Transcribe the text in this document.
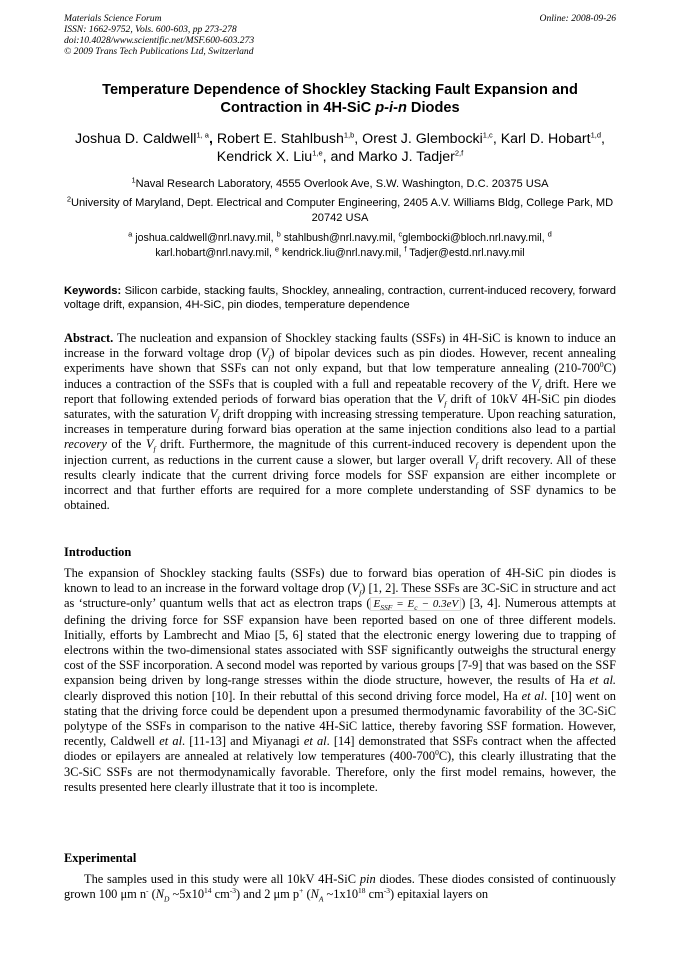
Materials Science Forum
ISSN: 1662-9752, Vols. 600-603, pp 273-278
doi:10.4028/www.scientific.net/MSF.600-603.273
© 2009 Trans Tech Publications Ltd, Switzerland
Online: 2008-09-26
Temperature Dependence of Shockley Stacking Fault Expansion and
Contraction in 4H-SiC p-i-n Diodes
Joshua D. Caldwell$^{1, a}$, Robert E. Stahlbush$^{1,b}$, Orest J. Glembocki$^{1,c}$, Karl D. Hobart$^{1,d}$, Kendrick X. Liu$^{1,e}$, and Marko J. Tadjer$^{2,f}$
$^1$Naval Research Laboratory, 4555 Overlook Ave, S.W. Washington, D.C. 20375 USA
$^2$University of Maryland, Dept. Electrical and Computer Engineering, 2405 A.V. Williams Bldg, College Park, MD 20742 USA
$^a$ joshua.caldwell@nrl.navy.mil, $^b$ stahlbush@nrl.navy.mil, $^c$glembocki@bloch.nrl.navy.mil, $^d$
karl.hobart@nrl.navy.mil, $^e$ kendrick.liu@nrl.navy.mil, $^f$ Tadjer@estd.nrl.navy.mil
Keywords: Silicon carbide, stacking faults, Shockley, annealing, contraction, current-induced recovery, forward voltage drift, expansion, 4H-SiC, pin diodes, temperature dependence
Abstract. The nucleation and expansion of Shockley stacking faults (SSFs) in 4H-SiC is known to induce an increase in the forward voltage drop $(V_f)$ of bipolar devices such as pin diodes. However, recent annealing experiments have shown that SSFs can not only expand, but that low temperature annealing $(210-700^0C)$ induces a contraction of the SSFs that is coupled with a full and repeatable recovery of the $V_f$ drift. Here we report that following extended periods of forward bias operation that the $V_f$ drift of 10kV 4H-SiC pin diodes saturates, with the saturation $V_f$ drift dropping with increasing stressing temperature. Upon reaching saturation, increases in temperature during forward bias operation at the same injection conditions also lead to a partial recovery of the $V_f$ drift. Furthermore, the magnitude of this current-induced recovery is dependent upon the injection current, as reductions in the current cause a slower, but larger overall $V_f$ drift recovery. All of these results clearly indicate that the current driving force models for SSF expansion are either incomplete or incorrect and that further efforts are required for a more complete understanding of SSF dynamics to be obtained.
Introduction
The expansion of Shockley stacking faults (SSFs) due to forward bias operation of 4H-SiC pin diodes is known to lead to an increase in the forward voltage drop $(V_f)$ [1, 2]. These SSFs are 3C-SiC in structure and act as ‘structure-only’ quantum wells that act as electron traps ( $E_{SSF} = E_c - 0.3eV$ ) [3, 4]. Numerous attempts at defining the driving force for SSF expansion have been reported based on one of three different models. Initially, efforts by Lambrecht and Miao [5, 6] stated that the electronic energy lowering due to trapping of electrons within the two-dimensional states associated with SSF significantly outweighs the structural energy cost of the SSF incorporation. A second model was reported by various groups [7-9] that was based on the SSF expansion being driven by long-range stresses within the diode structure, however, the results of Ha et al. clearly disproved this notion [10]. In their rebuttal of this second driving force model, Ha et al. [10] went on stating that the driving force could be dependent upon a presumed thermodynamic favorability of the 3C-SiC polytype of the SSFs in comparison to the native 4H-SiC lattice, thereby favoring SSF formation. However, recently, Caldwell et al. [11-13] and Miyanagi et al. [14] demonstrated that SSFs contract when the affected diodes or epilayers are annealed at relatively low temperatures $(400-700^0C)$, this clearly illustrating that the 3C-SiC SSFs are not thermodynamically favorable. Therefore, only the first model remains, however, the results presented here clearly illustrate that it too is incomplete.
Experimental
The samples used in this study were all 10kV 4H-SiC pin diodes. These diodes consisted of continuously grown 100 μm n- ($N_D$ $\sim 5x10^{14}$ $cm^{-3}$) and 2 μm p+ ($N_A$ $\sim 1x10^{18}$ $cm^{-3}$) epitaxial layers on
